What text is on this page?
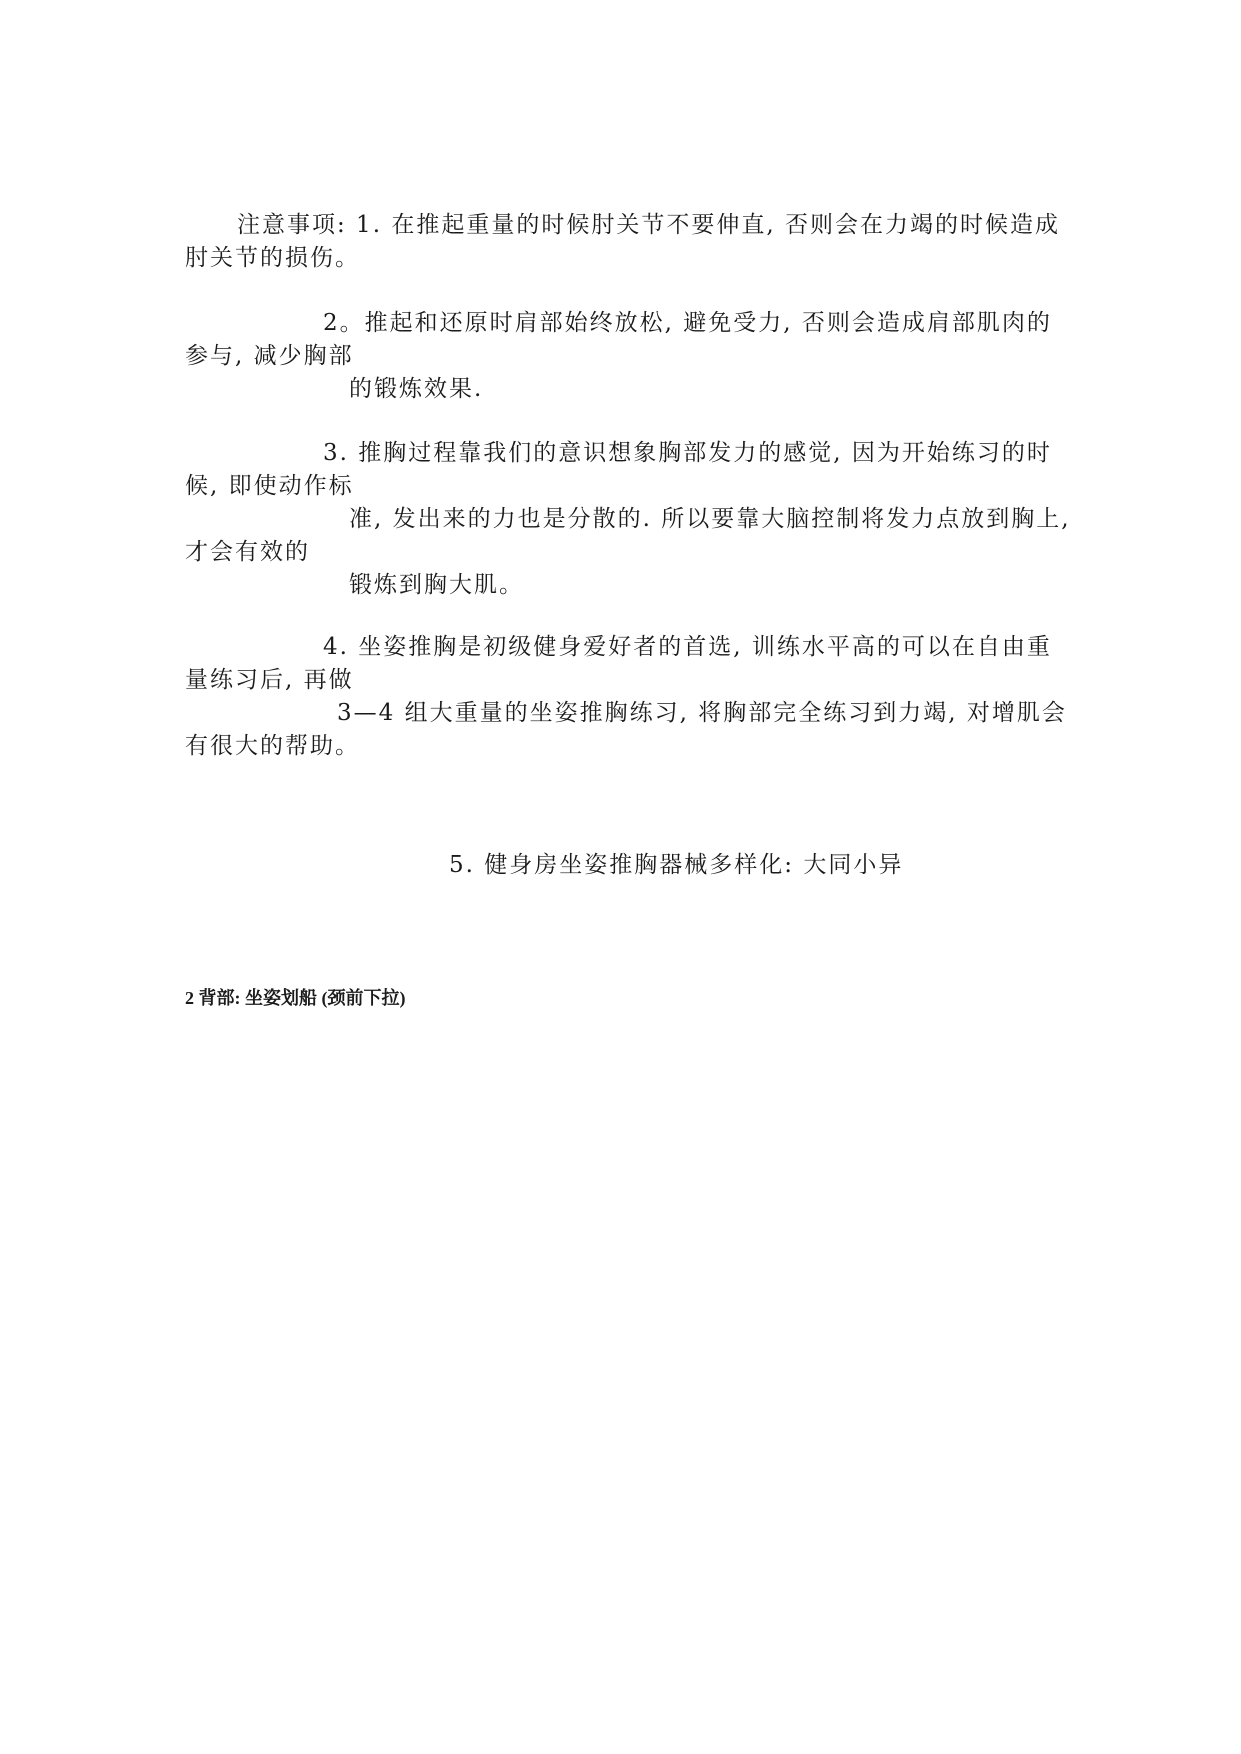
注意事项: 1. 在推起重量的时候肘关节不要伸直, 否则会在力竭的时候造成
肘关节的损伤。
2。推起和还原时肩部始终放松, 避免受力, 否则会造成肩部肌肉的
参与, 减少胸部
的锻炼效果.
3. 推胸过程靠我们的意识想象胸部发力的感觉, 因为开始练习的时
候, 即使动作标
准, 发出来的力也是分散的. 所以要靠大脑控制将发力点放到胸上,
才会有效的
锻炼到胸大肌。
4. 坐姿推胸是初级健身爱好者的首选, 训练水平高的可以在自由重
量练习后, 再做
3—4 组大重量的坐姿推胸练习, 将胸部完全练习到力竭, 对增肌会
有很大的帮助。
5. 健身房坐姿推胸器械多样化: 大同小异
2 背部: 坐姿划船 (颈前下拉)
